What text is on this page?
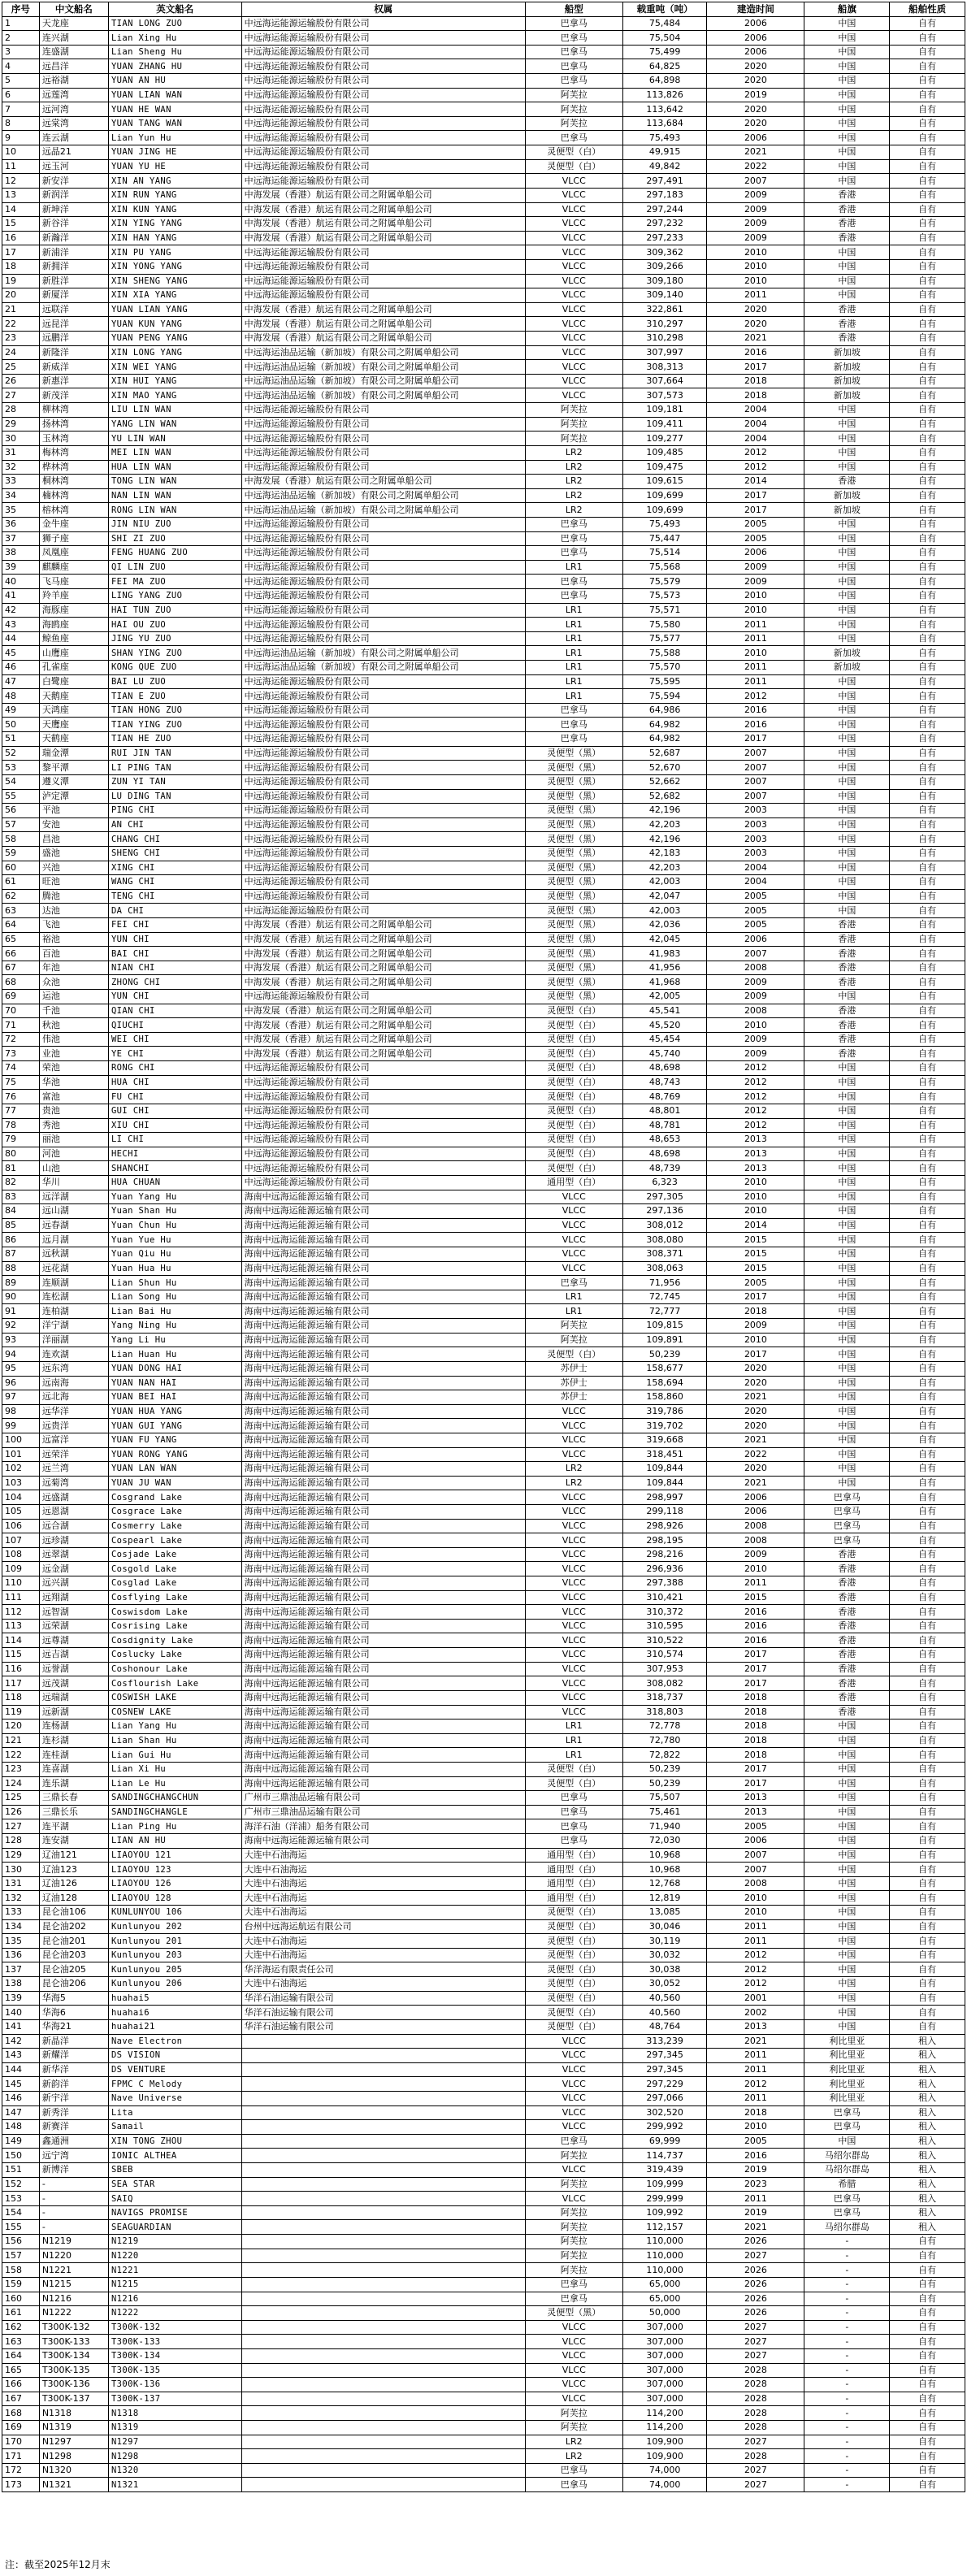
序号	中文船名	英文船名	权属	船型	载重吨（吨）	建造时间	船旗	船舶性质
1	天龙座	TIAN LONG ZUO	中远海运能源运输股份有限公司	巴拿马	75,484	2006	中国	自有
2	连兴湖	Lian Xing Hu	中远海运能源运输股份有限公司	巴拿马	75,504	2006	中国	自有
3	连盛湖	Lian Sheng Hu	中远海运能源运输股份有限公司	巴拿马	75,499	2006	中国	自有
4	远昌洋	YUAN ZHANG HU	中远海运能源运输股份有限公司	巴拿马	64,825	2020	中国	自有
5	远裕湖	YUAN AN HU	中远海运能源运输股份有限公司	巴拿马	64,898	2020	中国	自有
6	远莲湾	YUAN LIAN WAN	中远海运能源运输股份有限公司	阿芙拉	113,826	2019	中国	自有
7	远河湾	YUAN HE WAN	中远海运能源运输股份有限公司	阿芙拉	113,642	2020	中国	自有
8	远棠湾	YUAN TANG WAN	中远海运能源运输股份有限公司	阿芙拉	113,684	2020	中国	自有
9	连云湖	Lian Yun Hu	中远海运能源运输股份有限公司	巴拿马	75,493	2006	中国	自有
10	远晶21	YUAN JING HE	中远海运能源运输股份有限公司	灵便型（白）	49,915	2021	中国	自有
11	远玉河	YUAN YU HE	中远海运能源运输股份有限公司	灵便型（白）	49,842	2022	中国	自有
12	新安洋	XIN AN YANG	中远海运能源运输股份有限公司	VLCC	297,491	2007	中国	自有
13	新润洋	XIN RUN YANG	中海发展（香港）航运有限公司之附属单船公司	VLCC	297,183	2009	香港	自有
14	新坤洋	XIN KUN YANG	中海发展（香港）航运有限公司之附属单船公司	VLCC	297,244	2009	香港	自有
15	新谷洋	XIN YING YANG	中海发展（香港）航运有限公司之附属单船公司	VLCC	297,232	2009	香港	自有
16	新瀚洋	XIN HAN YANG	中海发展（香港）航运有限公司之附属单船公司	VLCC	297,233	2009	香港	自有
17	新浦洋	XIN PU YANG	中远海运能源运输股份有限公司	VLCC	309,362	2010	中国	自有
18	新拥洋	XIN YONG YANG	中远海运能源运输股份有限公司	VLCC	309,266	2010	中国	自有
19	新胜洋	XIN SHENG YANG	中远海运能源运输股份有限公司	VLCC	309,180	2010	中国	自有
20	新厦洋	XIN XIA YANG	中远海运能源运输股份有限公司	VLCC	309,140	2011	中国	自有
21	远联洋	YUAN LIAN YANG	中海发展（香港）航运有限公司之附属单船公司	VLCC	322,861	2020	香港	自有
22	远昆洋	YUAN KUN YANG	中海发展（香港）航运有限公司之附属单船公司	VLCC	310,297	2020	香港	自有
23	远鹏洋	YUAN PENG YANG	中海发展（香港）航运有限公司之附属单船公司	VLCC	310,298	2021	香港	自有
24	新隆洋	XIN LONG YANG	中远海运油品运输（新加坡）有限公司之附属单船公司	VLCC	307,997	2016	新加坡	自有
25	新威洋	XIN WEI YANG	中远海运油品运输（新加坡）有限公司之附属单船公司	VLCC	308,313	2017	新加坡	自有
26	新惠洋	XIN HUI YANG	中远海运油品运输（新加坡）有限公司之附属单船公司	VLCC	307,664	2018	新加坡	自有
27	新茂洋	XIN MAO YANG	中远海运油品运输（新加坡）有限公司之附属单船公司	VLCC	307,573	2018	新加坡	自有
28	柳林湾	LIU LIN WAN	中远海运能源运输股份有限公司	阿芙拉	109,181	2004	中国	自有
29	扬林湾	YANG LIN WAN	中远海运能源运输股份有限公司	阿芙拉	109,411	2004	中国	自有
30	玉林湾	YU LIN WAN	中远海运能源运输股份有限公司	阿芙拉	109,277	2004	中国	自有
31	梅林湾	MEI LIN WAN	中远海运能源运输股份有限公司	LR2	109,485	2012	中国	自有
32	桦林湾	HUA LIN WAN	中远海运能源运输股份有限公司	LR2	109,475	2012	中国	自有
33	桐林湾	TONG LIN WAN	中海发展（香港）航运有限公司之附属单船公司	LR2	109,615	2014	香港	自有
34	楠林湾	NAN LIN WAN	中远海运油品运输（新加坡）有限公司之附属单船公司	LR2	109,699	2017	新加坡	自有
35	榕林湾	RONG LIN WAN	中远海运油品运输（新加坡）有限公司之附属单船公司	LR2	109,699	2017	新加坡	自有
36	金牛座	JIN NIU ZUO	中远海运能源运输股份有限公司	巴拿马	75,493	2005	中国	自有
37	狮子座	SHI ZI ZUO	中远海运能源运输股份有限公司	巴拿马	75,447	2005	中国	自有
38	凤凰座	FENG HUANG ZUO	中远海运能源运输股份有限公司	巴拿马	75,514	2006	中国	自有
39	麒麟座	QI LIN ZUO	中远海运能源运输股份有限公司	LR1	75,568	2009	中国	自有
40	飞马座	FEI MA ZUO	中远海运能源运输股份有限公司	巴拿马	75,579	2009	中国	自有
41	羚羊座	LING YANG ZUO	中远海运能源运输股份有限公司	巴拿马	75,573	2010	中国	自有
42	海豚座	HAI TUN ZUO	中远海运能源运输股份有限公司	LR1	75,571	2010	中国	自有
43	海鸥座	HAI OU ZUO	中远海运能源运输股份有限公司	LR1	75,580	2011	中国	自有
44	鲸鱼座	JING YU ZUO	中远海运能源运输股份有限公司	LR1	75,577	2011	中国	自有
45	山鹰座	SHAN YING ZUO	中远海运油品运输（新加坡）有限公司之附属单船公司	LR1	75,588	2010	新加坡	自有
46	孔雀座	KONG QUE ZUO	中远海运油品运输（新加坡）有限公司之附属单船公司	LR1	75,570	2011	新加坡	自有
47	白鹭座	BAI LU ZUO	中远海运能源运输股份有限公司	LR1	75,595	2011	中国	自有
48	天鹅座	TIAN E ZUO	中远海运能源运输股份有限公司	LR1	75,594	2012	中国	自有
49	天鸿座	TIAN HONG ZUO	中远海运能源运输股份有限公司	巴拿马	64,986	2016	中国	自有
50	天鹰座	TIAN YING ZUO	中远海运能源运输股份有限公司	巴拿马	64,982	2016	中国	自有
51	天鹤座	TIAN HE ZUO	中远海运能源运输股份有限公司	巴拿马	64,982	2017	中国	自有
52	瑞金潭	RUI JIN TAN	中远海运能源运输股份有限公司	灵便型（黑）	52,687	2007	中国	自有
53	黎平潭	LI PING TAN	中远海运能源运输股份有限公司	灵便型（黑）	52,670	2007	中国	自有
54	遵义潭	ZUN YI TAN	中远海运能源运输股份有限公司	灵便型（黑）	52,662	2007	中国	自有
55	泸定潭	LU DING TAN	中远海运能源运输股份有限公司	灵便型（黑）	52,682	2007	中国	自有
56	平池	PING CHI	中远海运能源运输股份有限公司	灵便型（黑）	42,196	2003	中国	自有
57	安池	AN CHI	中远海运能源运输股份有限公司	灵便型（黑）	42,203	2003	中国	自有
58	昌池	CHANG CHI	中远海运能源运输股份有限公司	灵便型（黑）	42,196	2003	中国	自有
59	盛池	SHENG CHI	中远海运能源运输股份有限公司	灵便型（黑）	42,183	2003	中国	自有
60	兴池	XING CHI	中远海运能源运输股份有限公司	灵便型（黑）	42,203	2004	中国	自有
61	旺池	WANG CHI	中远海运能源运输股份有限公司	灵便型（黑）	42,003	2004	中国	自有
62	腾池	TENG CHI	中远海运能源运输股份有限公司	灵便型（黑）	42,047	2005	中国	自有
63	达池	DA CHI	中远海运能源运输股份有限公司	灵便型（黑）	42,003	2005	中国	自有
64	飞池	FEI CHI	中海发展（香港）航运有限公司之附属单船公司	灵便型（黑）	42,036	2005	香港	自有
65	裕池	YUN CHI	中海发展（香港）航运有限公司之附属单船公司	灵便型（黑）	42,045	2006	香港	自有
66	百池	BAI CHI	中海发展（香港）航运有限公司之附属单船公司	灵便型（黑）	41,983	2007	香港	自有
67	年池	NIAN CHI	中海发展（香港）航运有限公司之附属单船公司	灵便型（黑）	41,956	2008	香港	自有
68	众池	ZHONG CHI	中海发展（香港）航运有限公司之附属单船公司	灵便型（黑）	41,968	2009	香港	自有
69	运池	YUN CHI	中远海运能源运输股份有限公司	灵便型（黑）	42,005	2009	中国	自有
70	千池	QIAN CHI	中海发展（香港）航运有限公司之附属单船公司	灵便型（白）	45,541	2008	香港	自有
71	秋池	QIUCHI	中海发展（香港）航运有限公司之附属单船公司	灵便型（白）	45,520	2010	香港	自有
72	伟池	WEI CHI	中海发展（香港）航运有限公司之附属单船公司	灵便型（白）	45,454	2009	香港	自有
73	业池	YE CHI	中海发展（香港）航运有限公司之附属单船公司	灵便型（白）	45,740	2009	香港	自有
74	荣池	RONG CHI	中远海运能源运输股份有限公司	灵便型（白）	48,698	2012	中国	自有
75	华池	HUA CHI	中远海运能源运输股份有限公司	灵便型（白）	48,743	2012	中国	自有
76	富池	FU CHI	中远海运能源运输股份有限公司	灵便型（白）	48,769	2012	中国	自有
77	贵池	GUI CHI	中远海运能源运输股份有限公司	灵便型（白）	48,801	2012	中国	自有
78	秀池	XIU CHI	中远海运能源运输股份有限公司	灵便型（白）	48,781	2012	中国	自有
79	丽池	LI CHI	中远海运能源运输股份有限公司	灵便型（白）	48,653	2013	中国	自有
80	河池	HECHI	中远海运能源运输股份有限公司	灵便型（白）	48,698	2013	中国	自有
81	山池	SHANCHI	中远海运能源运输股份有限公司	灵便型（白）	48,739	2013	中国	自有
82	华川	HUA CHUAN	中远海运能源运输股份有限公司	通用型（白）	6,323	2010	中国	自有
83	远洋湖	Yuan Yang Hu	海南中远海运能源运输有限公司	VLCC	297,305	2010	中国	自有
84	远山湖	Yuan Shan Hu	海南中远海运能源运输有限公司	VLCC	297,136	2010	中国	自有
85	远春湖	Yuan Chun Hu	海南中远海运能源运输有限公司	VLCC	308,012	2014	中国	自有
86	远月湖	Yuan Yue Hu	海南中远海运能源运输有限公司	VLCC	308,080	2015	中国	自有
87	远秋湖	Yuan Qiu Hu	海南中远海运能源运输有限公司	VLCC	308,371	2015	中国	自有
88	远花湖	Yuan Hua Hu	海南中远海运能源运输有限公司	VLCC	308,063	2015	中国	自有
89	连顺湖	Lian Shun Hu	海南中远海运能源运输有限公司	巴拿马	71,956	2005	中国	自有
90	连松湖	Lian Song Hu	海南中远海运能源运输有限公司	LR1	72,745	2017	中国	自有
91	连柏湖	Lian Bai Hu	海南中远海运能源运输有限公司	LR1	72,777	2018	中国	自有
92	洋宁湖	Yang Ning Hu	海南中远海运能源运输有限公司	阿芙拉	109,815	2009	中国	自有
93	洋丽湖	Yang Li Hu	海南中远海运能源运输有限公司	阿芙拉	109,891	2010	中国	自有
94	连欢湖	Lian Huan Hu	海南中远海运能源运输有限公司	灵便型（白）	50,239	2017	中国	自有
95	远东湾	YUAN DONG HAI	海南中远海运能源运输有限公司	苏伊士	158,677	2020	中国	自有
96	远南海	YUAN NAN HAI	海南中远海运能源运输有限公司	苏伊士	158,694	2020	中国	自有
97	远北海	YUAN BEI HAI	海南中远海运能源运输有限公司	苏伊士	158,860	2021	中国	自有
98	远华洋	YUAN HUA YANG	海南中远海运能源运输有限公司	VLCC	319,786	2020	中国	自有
99	远贵洋	YUAN GUI YANG	海南中远海运能源运输有限公司	VLCC	319,702	2020	中国	自有
100	远富洋	YUAN FU YANG	海南中远海运能源运输有限公司	VLCC	319,668	2021	中国	自有
101	远荣洋	YUAN RONG YANG	海南中远海运能源运输有限公司	VLCC	318,451	2022	中国	自有
102	远兰湾	YUAN LAN WAN	海南中远海运能源运输有限公司	LR2	109,844	2020	中国	自有
103	远菊湾	YUAN JU WAN	海南中远海运能源运输有限公司	LR2	109,844	2021	中国	自有
104	远盛湖	Cosgrand Lake	海南中远海运能源运输有限公司	VLCC	298,997	2006	巴拿马	自有
105	远恩湖	Cosgrace Lake	海南中远海运能源运输有限公司	VLCC	299,118	2006	巴拿马	自有
106	远合湖	Cosmerry Lake	海南中远海运能源运输有限公司	VLCC	298,926	2008	巴拿马	自有
107	远珍湖	Cospearl Lake	海南中远海运能源运输有限公司	VLCC	298,195	2008	巴拿马	自有
108	远翠湖	Cosjade Lake	海南中远海运能源运输有限公司	VLCC	298,216	2009	香港	自有
109	远金湖	Cosgold Lake	海南中远海运能源运输有限公司	VLCC	296,936	2010	香港	自有
110	远兴湖	Cosglad Lake	海南中远海运能源运输有限公司	VLCC	297,388	2011	香港	自有
111	远翔湖	Cosflying Lake	海南中远海运能源运输有限公司	VLCC	310,421	2015	香港	自有
112	远智湖	Coswisdom Lake	海南中远海运能源运输有限公司	VLCC	310,372	2016	香港	自有
113	远荣湖	Cosrising Lake	海南中远海运能源运输有限公司	VLCC	310,595	2016	香港	自有
114	远尊湖	Cosdignity Lake	海南中远海运能源运输有限公司	VLCC	310,522	2016	香港	自有
115	远吉湖	Coslucky Lake	海南中远海运能源运输有限公司	VLCC	310,574	2017	香港	自有
116	远誉湖	Coshonour Lake	海南中远海运能源运输有限公司	VLCC	307,953	2017	香港	自有
117	远茂湖	Cosflourish Lake	海南中远海运能源运输有限公司	VLCC	308,082	2017	香港	自有
118	远瑞湖	COSWISH LAKE	海南中远海运能源运输有限公司	VLCC	318,737	2018	香港	自有
119	远新湖	COSNEW LAKE	海南中远海运能源运输有限公司	VLCC	318,803	2018	香港	自有
120	连杨湖	Lian Yang Hu	海南中远海运能源运输有限公司	LR1	72,778	2018	中国	自有
121	连杉湖	Lian Shan Hu	海南中远海运能源运输有限公司	LR1	72,780	2018	中国	自有
122	连桂湖	Lian Gui Hu	海南中远海运能源运输有限公司	LR1	72,822	2018	中国	自有
123	连喜湖	Lian Xi Hu	海南中远海运能源运输有限公司	灵便型（白）	50,239	2017	中国	自有
124	连乐湖	Lian Le Hu	海南中远海运能源运输有限公司	灵便型（白）	50,239	2017	中国	自有
125	三鼎长春	SANDINGCHANGCHUN	广州市三鼎油品运输有限公司	巴拿马	75,507	2013	中国	自有
126	三鼎长乐	SANDINGCHANGLE	广州市三鼎油品运输有限公司	巴拿马	75,461	2013	中国	自有
127	连平湖	Lian Ping Hu	海洋石油（洋浦）船务有限公司	巴拿马	71,940	2005	中国	自有
128	连安湖	LIAN AN HU	海南中远海运能源运输有限公司	巴拿马	72,030	2006	中国	自有
129	辽油121	LIAOYOU 121	大连中石油海运	通用型（白）	10,968	2007	中国	自有
130	辽油123	LIAOYOU 123	大连中石油海运	通用型（白）	10,968	2007	中国	自有
131	辽油126	LIAOYOU 126	大连中石油海运	通用型（白）	12,768	2008	中国	自有
132	辽油128	LIAOYOU 128	大连中石油海运	通用型（白）	12,819	2010	中国	自有
133	昆仑油106	KUNLUNYOU 106	大连中石油海运	灵便型（白）	13,085	2010	中国	自有
134	昆仑油202	Kunlunyou 202	台州中远海运航运有限公司	灵便型（白）	30,046	2011	中国	自有
135	昆仑油201	Kunlunyou 201	大连中石油海运	灵便型（白）	30,119	2011	中国	自有
136	昆仑油203	Kunlunyou 203	大连中石油海运	灵便型（白）	30,032	2012	中国	自有
137	昆仑油205	Kunlunyou 205	华洋海运有限责任公司	灵便型（白）	30,038	2012	中国	自有
138	昆仑油206	Kunlunyou 206	大连中石油海运	灵便型（白）	30,052	2012	中国	自有
139	华海5	huahai5	华洋石油运输有限公司	灵便型（白）	40,560	2001	中国	自有
140	华海6	huahai6	华洋石油运输有限公司	灵便型（白）	40,560	2002	中国	自有
141	华海21	huahai21	华洋石油运输有限公司	灵便型（白）	48,764	2013	中国	自有
142	新晶洋	Nave Electron		VLCC	313,239	2021	利比里亚	租入
143	新耀洋	DS VISION		VLCC	297,345	2011	利比里亚	租入
144	新华洋	DS VENTURE		VLCC	297,345	2011	利比里亚	租入
145	新韵洋	FPMC C Melody		VLCC	297,229	2012	利比里亚	租入
146	新宇洋	Nave Universe		VLCC	297,066	2011	利比里亚	租入
147	新秀洋	Lita		VLCC	302,520	2018	巴拿马	租入
148	新赛洋	Samail		VLCC	299,992	2010	巴拿马	租入
149	鑫通洲	XIN TONG ZHOU		巴拿马	69,999	2005	中国	租入
150	远宁湾	IONIC ALTHEA		阿芙拉	114,737	2016	马绍尔群岛	租入
151	新博洋	SBEB		VLCC	319,439	2019	马绍尔群岛	租入
152	-	SEA STAR		阿芙拉	109,999	2023	希腊	租入
153	-	SAIQ		VLCC	299,999	2011	巴拿马	租入
154	-	NAVIGS PROMISE		阿芙拉	109,992	2019	巴拿马	租入
155	-	SEAGUARDIAN		阿芙拉	112,157	2021	马绍尔群岛	租入
156	N1219	N1219		阿芙拉	110,000	2026	-	自有
157	N1220	N1220		阿芙拉	110,000	2027	-	自有
158	N1221	N1221		阿芙拉	110,000	2026	-	自有
159	N1215	N1215		巴拿马	65,000	2026	-	自有
160	N1216	N1216		巴拿马	65,000	2026	-	自有
161	N1222	N1222		灵便型（黑）	50,000	2026	-	自有
162	T300K-132	T300K-132		VLCC	307,000	2027	-	自有
163	T300K-133	T300K-133		VLCC	307,000	2027	-	自有
164	T300K-134	T300K-134		VLCC	307,000	2027	-	自有
165	T300K-135	T300K-135		VLCC	307,000	2028	-	自有
166	T300K-136	T300K-136		VLCC	307,000	2028	-	自有
167	T300K-137	T300K-137		VLCC	307,000	2028	-	自有
168	N1318	N1318		阿芙拉	114,200	2028	-	自有
169	N1319	N1319		阿芙拉	114,200	2028	-	自有
170	N1297	N1297		LR2	109,900	2027	-	自有
171	N1298	N1298		LR2	109,900	2028	-	自有
172	N1320	N1320		巴拿马	74,000	2027	-	自有
173	N1321	N1321		巴拿马	74,000	2027	-	自有
注：截至2025年12月末
